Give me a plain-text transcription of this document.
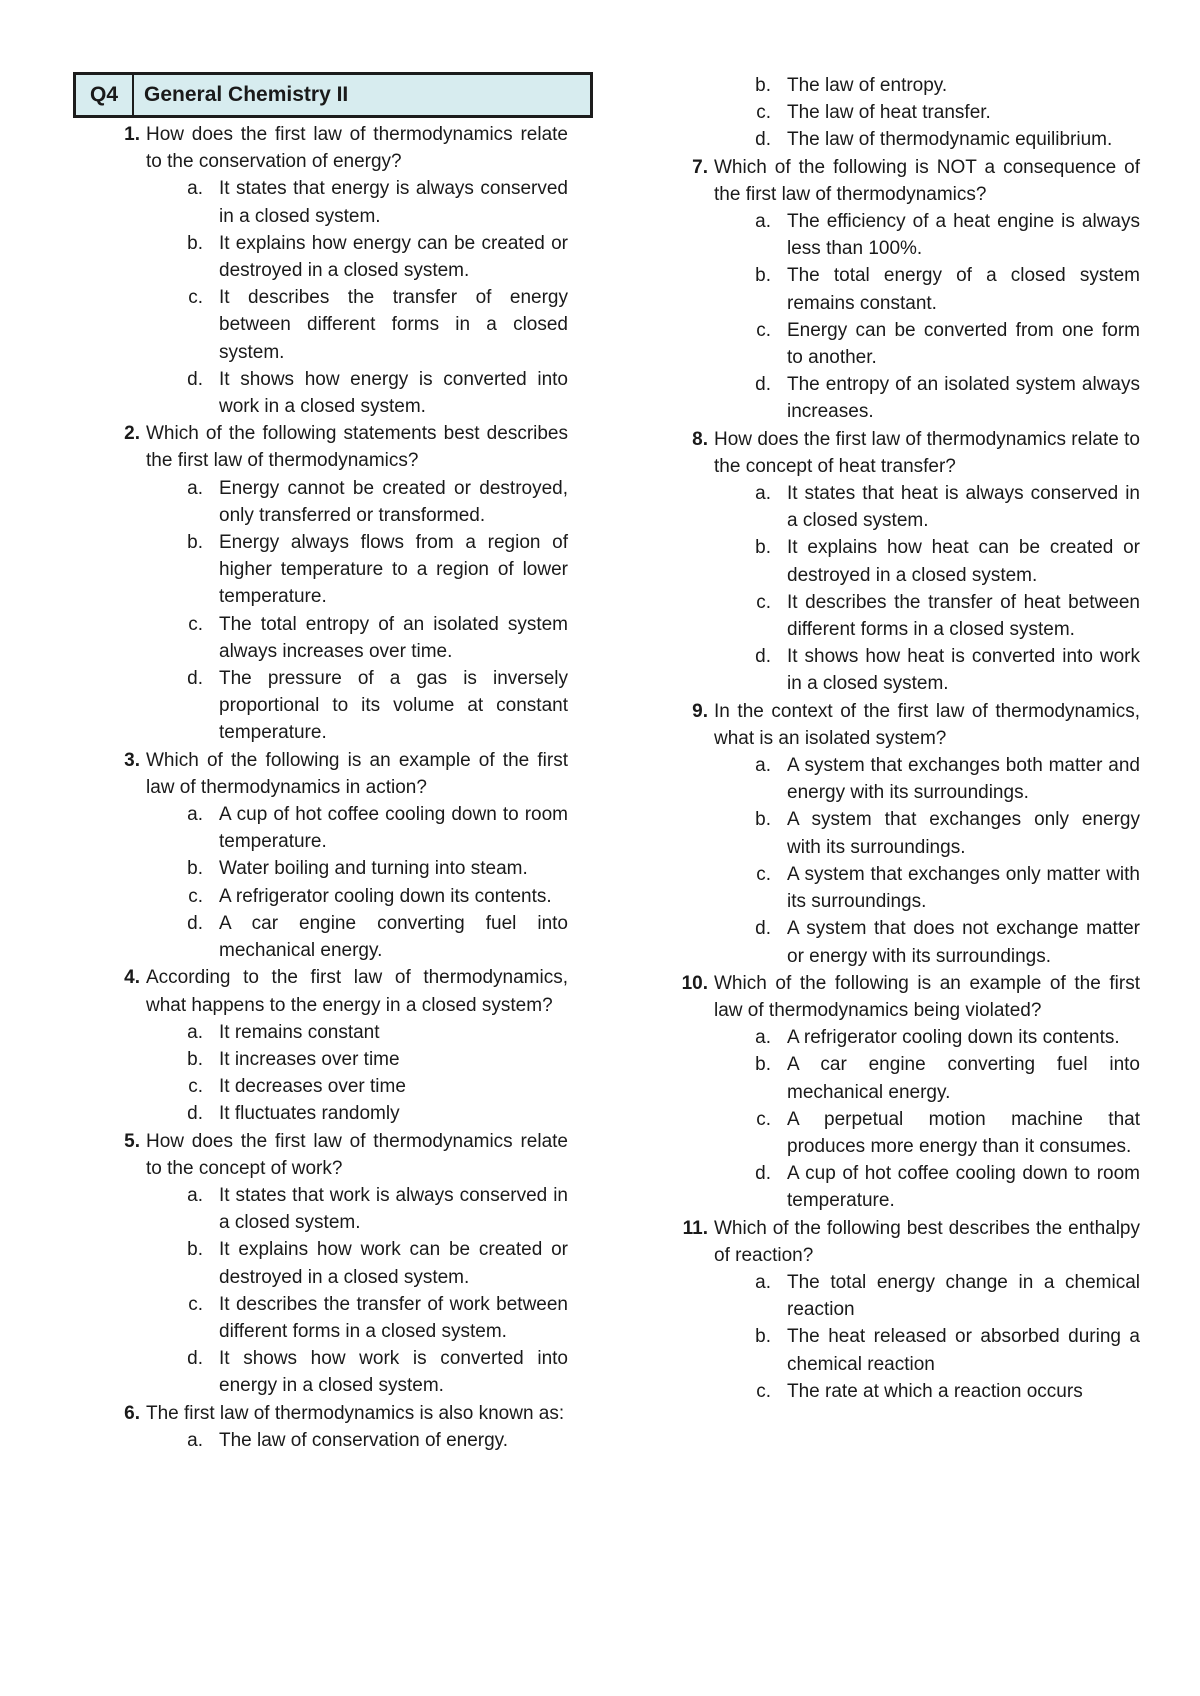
Q4	General Chemistry II
1. How does the first law of thermodynamics relate to the conservation of energy?
a. It states that energy is always conserved in a closed system.
b. It explains how energy can be created or destroyed in a closed system.
c. It describes the transfer of energy between different forms in a closed system.
d. It shows how energy is converted into work in a closed system.
2. Which of the following statements best describes the first law of thermodynamics?
a. Energy cannot be created or destroyed, only transferred or transformed.
b. Energy always flows from a region of higher temperature to a region of lower temperature.
c. The total entropy of an isolated system always increases over time.
d. The pressure of a gas is inversely proportional to its volume at constant temperature.
3. Which of the following is an example of the first law of thermodynamics in action?
a. A cup of hot coffee cooling down to room temperature.
b. Water boiling and turning into steam.
c. A refrigerator cooling down its contents.
d. A car engine converting fuel into mechanical energy.
4. According to the first law of thermodynamics, what happens to the energy in a closed system?
a. It remains constant
b. It increases over time
c. It decreases over time
d. It fluctuates randomly
5. How does the first law of thermodynamics relate to the concept of work?
a. It states that work is always conserved in a closed system.
b. It explains how work can be created or destroyed in a closed system.
c. It describes the transfer of work between different forms in a closed system.
d. It shows how work is converted into energy in a closed system.
6. The first law of thermodynamics is also known as:
a. The law of conservation of energy.
b. The law of entropy.
c. The law of heat transfer.
d. The law of thermodynamic equilibrium.
7. Which of the following is NOT a consequence of the first law of thermodynamics?
a. The efficiency of a heat engine is always less than 100%.
b. The total energy of a closed system remains constant.
c. Energy can be converted from one form to another.
d. The entropy of an isolated system always increases.
8. How does the first law of thermodynamics relate to the concept of heat transfer?
a. It states that heat is always conserved in a closed system.
b. It explains how heat can be created or destroyed in a closed system.
c. It describes the transfer of heat between different forms in a closed system.
d. It shows how heat is converted into work in a closed system.
9. In the context of the first law of thermodynamics, what is an isolated system?
a. A system that exchanges both matter and energy with its surroundings.
b. A system that exchanges only energy with its surroundings.
c. A system that exchanges only matter with its surroundings.
d. A system that does not exchange matter or energy with its surroundings.
10. Which of the following is an example of the first law of thermodynamics being violated?
a. A refrigerator cooling down its contents.
b. A car engine converting fuel into mechanical energy.
c. A perpetual motion machine that produces more energy than it consumes.
d. A cup of hot coffee cooling down to room temperature.
11. Which of the following best describes the enthalpy of reaction?
a. The total energy change in a chemical reaction
b. The heat released or absorbed during a chemical reaction
c. The rate at which a reaction occurs
